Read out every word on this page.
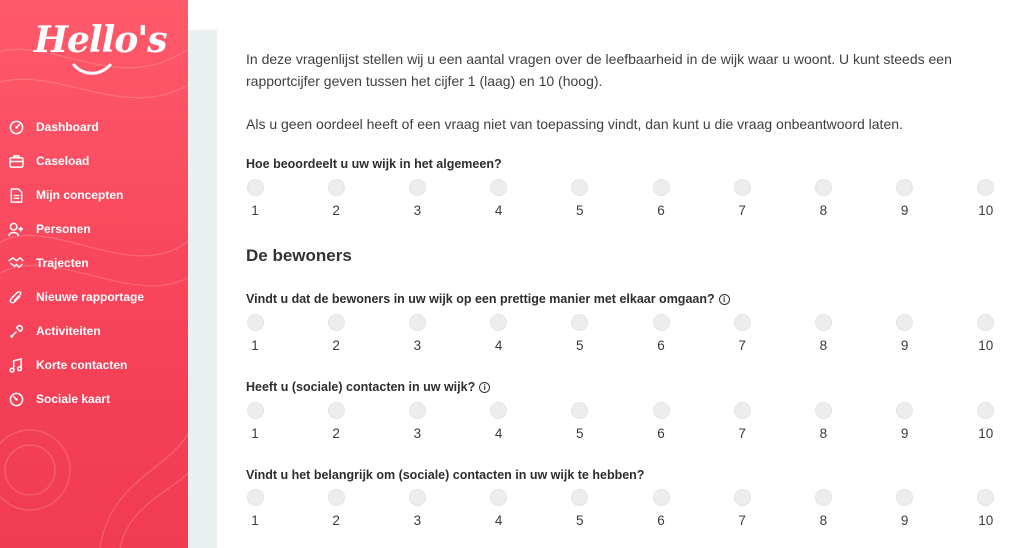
Hello's
Dashboard
Caseload
Mijn concepten
Personen
Trajecten
Nieuwe rapportage
Activiteiten
Korte contacten
Sociale kaart

In deze vragenlijst stellen wij u een aantal vragen over de leefbaarheid in de wijk waar u woont. U kunt steeds een rapportcijfer geven tussen het cijfer 1 (laag) en 10 (hoog).

Als u geen oordeel heeft of een vraag niet van toepassing vindt, dan kunt u die vraag onbeantwoord laten.

Hoe beoordeelt u uw wijk in het algemeen?
1	2	3	4	5	6	7	8	9	10
De bewoners
Vindt u dat de bewoners in uw wijk op een prettige manier met elkaar omgaan? i
1	2	3	4	5	6	7	8	9	10
Heeft u (sociale) contacten in uw wijk? i
1	2	3	4	5	6	7	8	9	10
Vindt u het belangrijk om (sociale) contacten in uw wijk te hebben?
1	2	3	4	5	6	7	8	9	10
